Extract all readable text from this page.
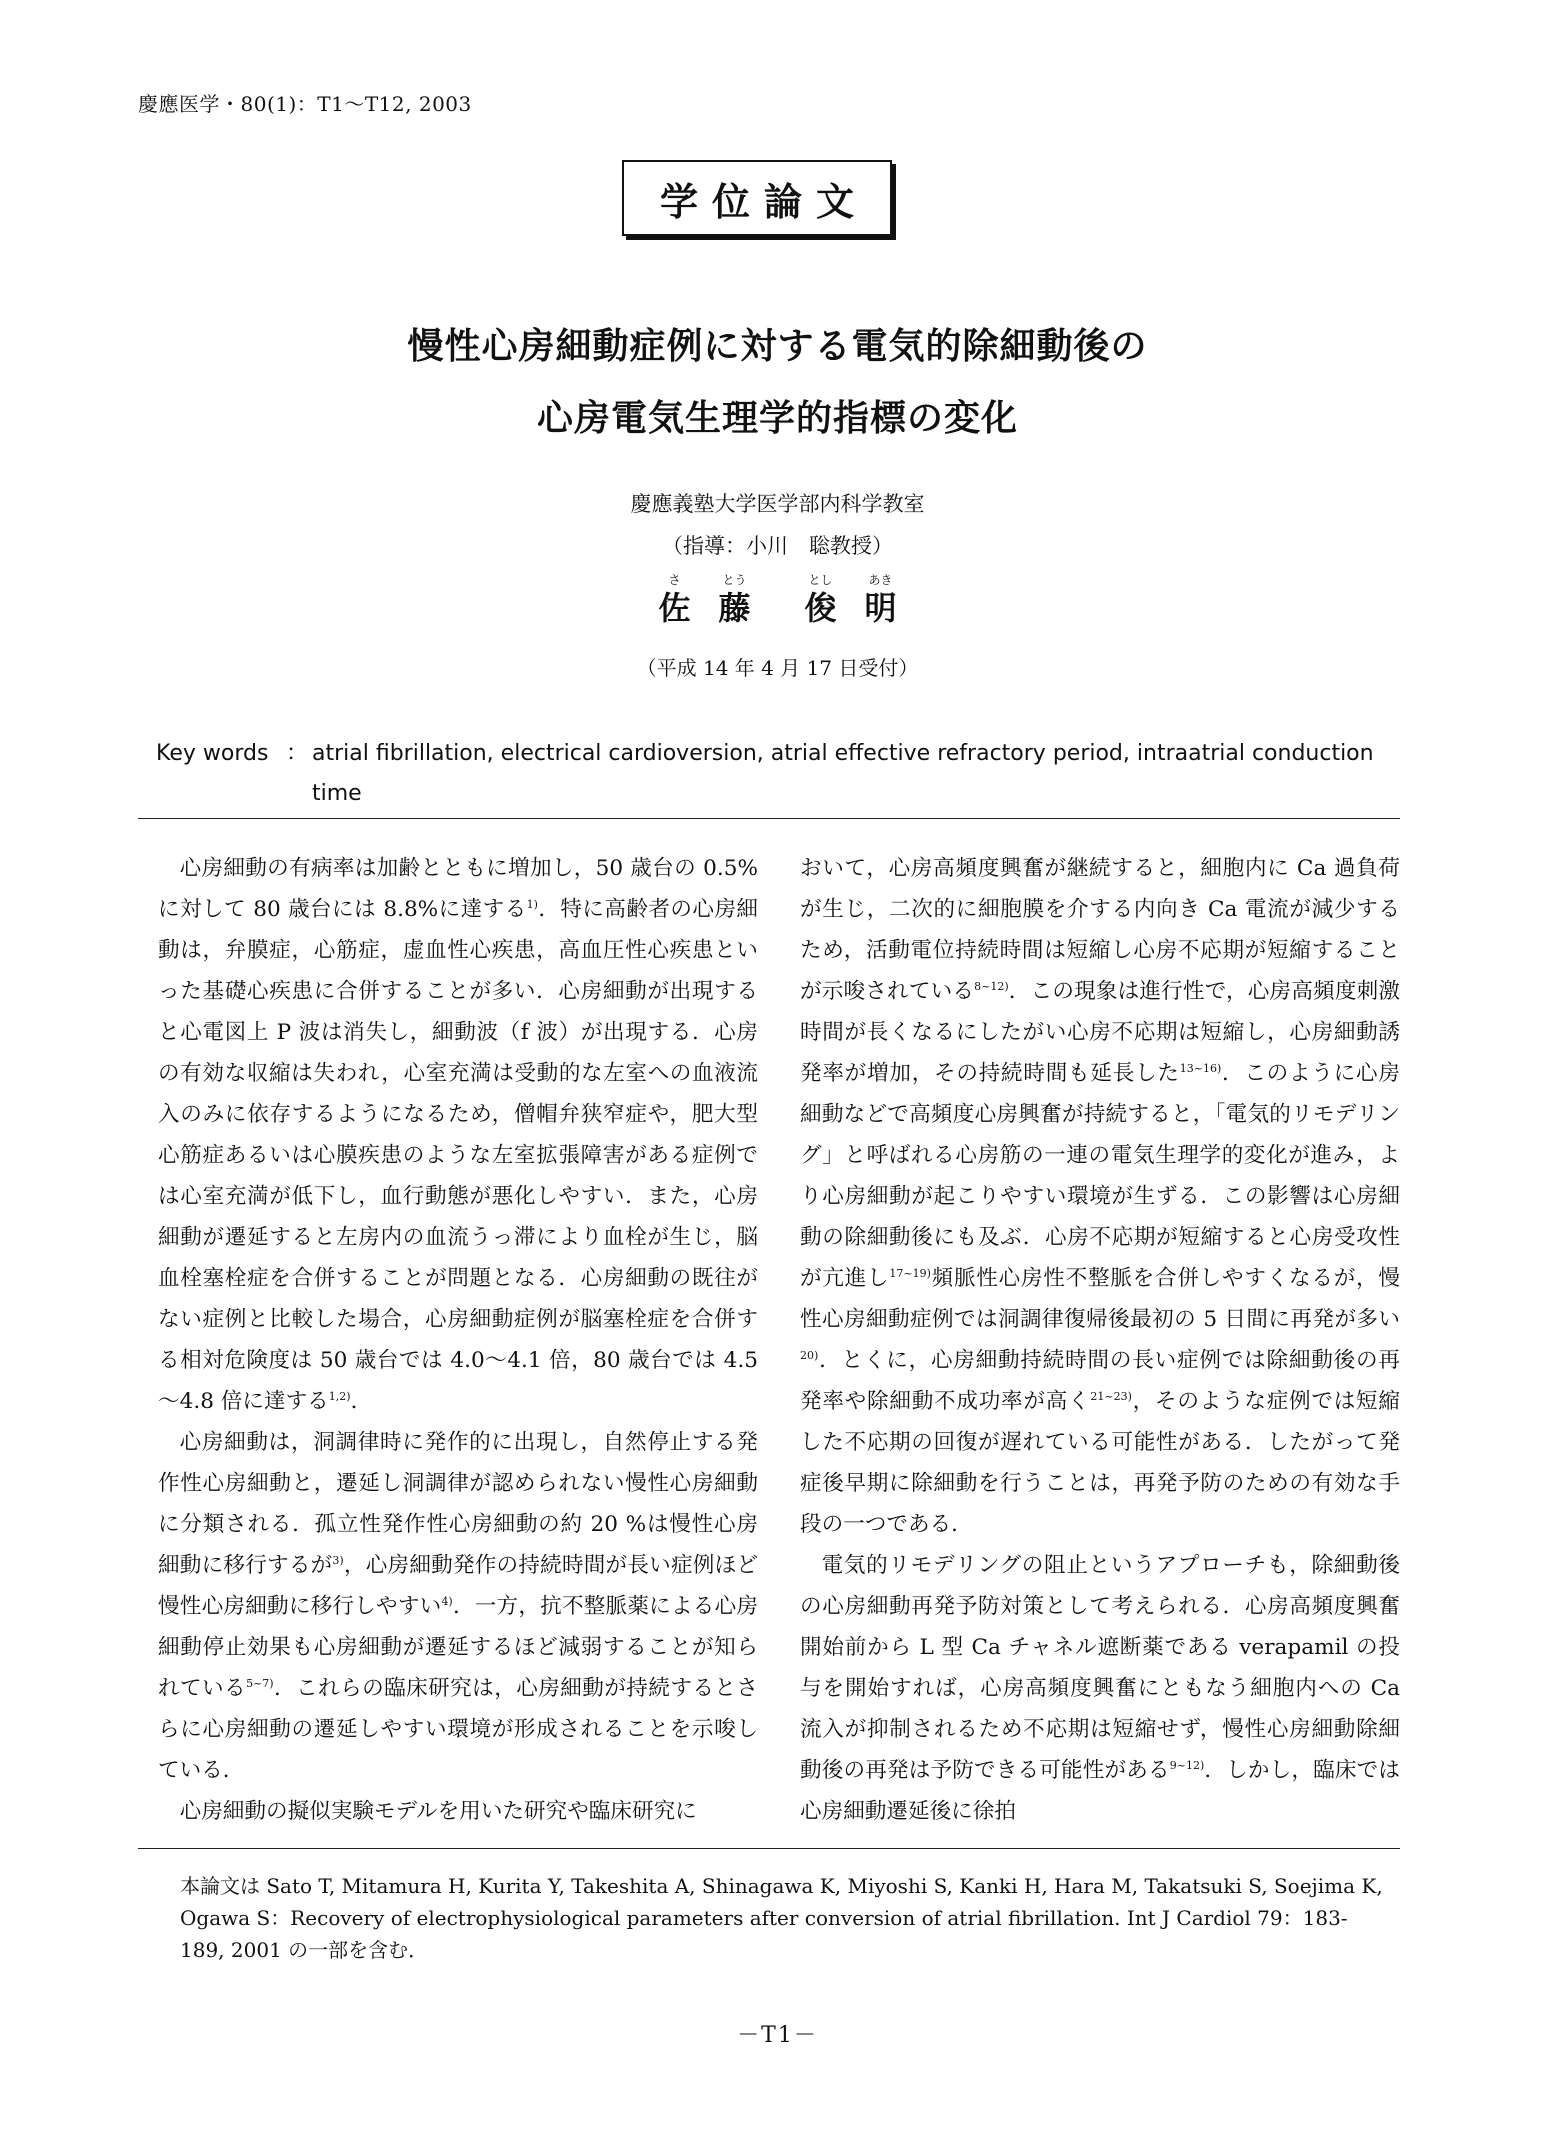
慶應医学・80(1)：T1～T12, 2003
学位論文
慢性心房細動症例に対する電気的除細動後の
心房電気生理学的指標の変化
慶應義塾大学医学部内科学教室
（指導：小川　聡教授）
さ
佐
とう
藤
とし
俊
あき
明
（平成 14 年 4 月 17 日受付）
Key words ： atrial fibrillation, electrical cardioversion, atrial effective refractory period, intraatrial conduction time

心房細動の有病率は加齢とともに増加し，50 歳台の 0.5%に対して 80 歳台には 8.8%に達する$^{1)}$．特に高齢者の心房細動は，弁膜症，心筋症，虚血性心疾患，高血圧性心疾患といった基礎心疾患に合併することが多い．心房細動が出現すると心電図上 P 波は消失し，細動波（f 波）が出現する．心房の有効な収縮は失われ，心室充満は受動的な左室への血液流入のみに依存するようになるため，僧帽弁狭窄症や，肥大型心筋症あるいは心膜疾患のような左室拡張障害がある症例では心室充満が低下し，血行動態が悪化しやすい．また，心房細動が遷延すると左房内の血流うっ滞により血栓が生じ，脳血栓塞栓症を合併することが問題となる．心房細動の既往がない症例と比較した場合，心房細動症例が脳塞栓症を合併する相対危険度は 50 歳台では 4.0～4.1 倍，80 歳台では 4.5～4.8 倍に達する$^{1,2)}$．

心房細動は，洞調律時に発作的に出現し，自然停止する発作性心房細動と，遷延し洞調律が認められない慢性心房細動に分類される．孤立性発作性心房細動の約 20 %は慢性心房細動に移行するが$^{3)}$，心房細動発作の持続時間が長い症例ほど慢性心房細動に移行しやすい$^{4)}$．一方，抗不整脈薬による心房細動停止効果も心房細動が遷延するほど減弱することが知られている$^{5\sim 7)}$．これらの臨床研究は，心房細動が持続するとさらに心房細動の遷延しやすい環境が形成されることを示唆している．

心房細動の擬似実験モデルを用いた研究や臨床研究に

おいて，心房高頻度興奮が継続すると，細胞内に Ca 過負荷が生じ，二次的に細胞膜を介する内向き Ca 電流が減少するため，活動電位持続時間は短縮し心房不応期が短縮することが示唆されている$^{8\sim 12)}$．この現象は進行性で，心房高頻度刺激時間が長くなるにしたがい心房不応期は短縮し，心房細動誘発率が増加，その持続時間も延長した$^{13\sim 16)}$．このように心房細動などで高頻度心房興奮が持続すると，「電気的リモデリング」と呼ばれる心房筋の一連の電気生理学的変化が進み，より心房細動が起こりやすい環境が生ずる．この影響は心房細動の除細動後にも及ぶ．心房不応期が短縮すると心房受攻性が亢進し$^{17\sim 19)}$頻脈性心房性不整脈を合併しやすくなるが，慢性心房細動症例では洞調律復帰後最初の 5 日間に再発が多い$^{20)}$．とくに，心房細動持続時間の長い症例では除細動後の再発率や除細動不成功率が高く$^{21\sim 23)}$，そのような症例では短縮した不応期の回復が遅れている可能性がある．したがって発症後早期に除細動を行うことは，再発予防のための有効な手段の一つである．

電気的リモデリングの阻止というアプローチも，除細動後の心房細動再発予防対策として考えられる．心房高頻度興奮開始前から L 型 Ca チャネル遮断薬である verapamil の投与を開始すれば，心房高頻度興奮にともなう細胞内への Ca 流入が抑制されるため不応期は短縮せず，慢性心房細動除細動後の再発は予防できる可能性がある$^{9\sim 12)}$．しかし，臨床では心房細動遷延後に徐拍

本論文は Sato T, Mitamura H, Kurita Y, Takeshita A, Shinagawa K, Miyoshi S, Kanki H, Hara M, Takatsuki S, Soejima K, Ogawa S：Recovery of electrophysiological parameters after conversion of atrial fibrillation. Int J Cardiol 79：183-189, 2001 の一部を含む．
－T1－
